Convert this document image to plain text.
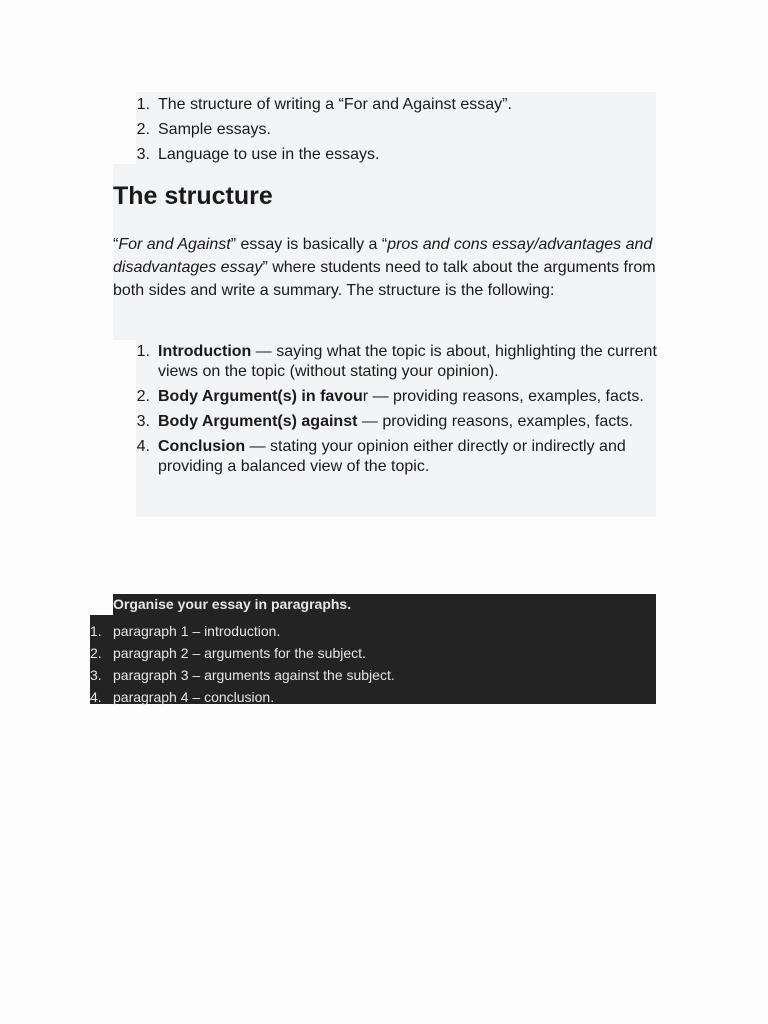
1. The structure of writing a “For and Against essay”.
2. Sample essays.
3. Language to use in the essays.
The structure

“For and Against” essay is basically a “pros and cons essay/advantages and disadvantages essay” where students need to talk about the arguments from both sides and write a summary. The structure is the following:

1. Introduction — saying what the topic is about, highlighting the current views on the topic (without stating your opinion).
2. Body Argument(s) in favour — providing reasons, examples, facts.
3. Body Argument(s) against — providing reasons, examples, facts.
4. Conclusion — stating your opinion either directly or indirectly and providing a balanced view of the topic.
Organise your essay in paragraphs.
1. paragraph 1 – introduction.
2. paragraph 2 – arguments for the subject.
3. paragraph 3 – arguments against the subject.
4. paragraph 4 – conclusion.
